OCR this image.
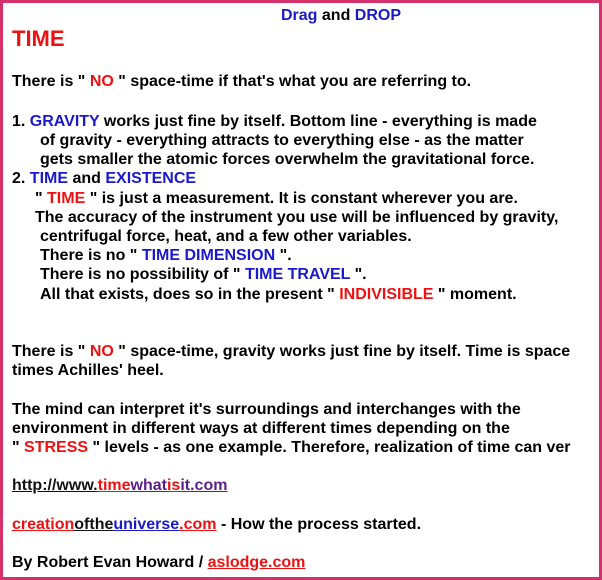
Drag and DROP
TIME
There is " NO " space-time if that's what you are referring to.
1. GRAVITY works just fine by itself. Bottom line - everything is made
of gravity - everything attracts to everything else - as the matter
gets smaller the atomic forces overwhelm the gravitational force.
2. TIME and EXISTENCE
" TIME " is just a measurement. It is constant wherever you are.
The accuracy of the instrument you use will be influenced by gravity,
centrifugal force, heat, and a few other variables.
There is no " TIME DIMENSION ".
There is no possibility of " TIME TRAVEL ".
All that exists, does so in the present " INDIVISIBLE " moment.
There is " NO " space-time, gravity works just fine by itself. Time is space
times Achilles' heel.
The mind can interpret it's surroundings and interchanges with the
environment in different ways at different times depending on the
" STRESS " levels - as one example. Therefore, realization of time can ver
http://www.timewhatisit.com
creationoftheuniverse.com - How the process started.
By Robert Evan Howard / aslodge.com
